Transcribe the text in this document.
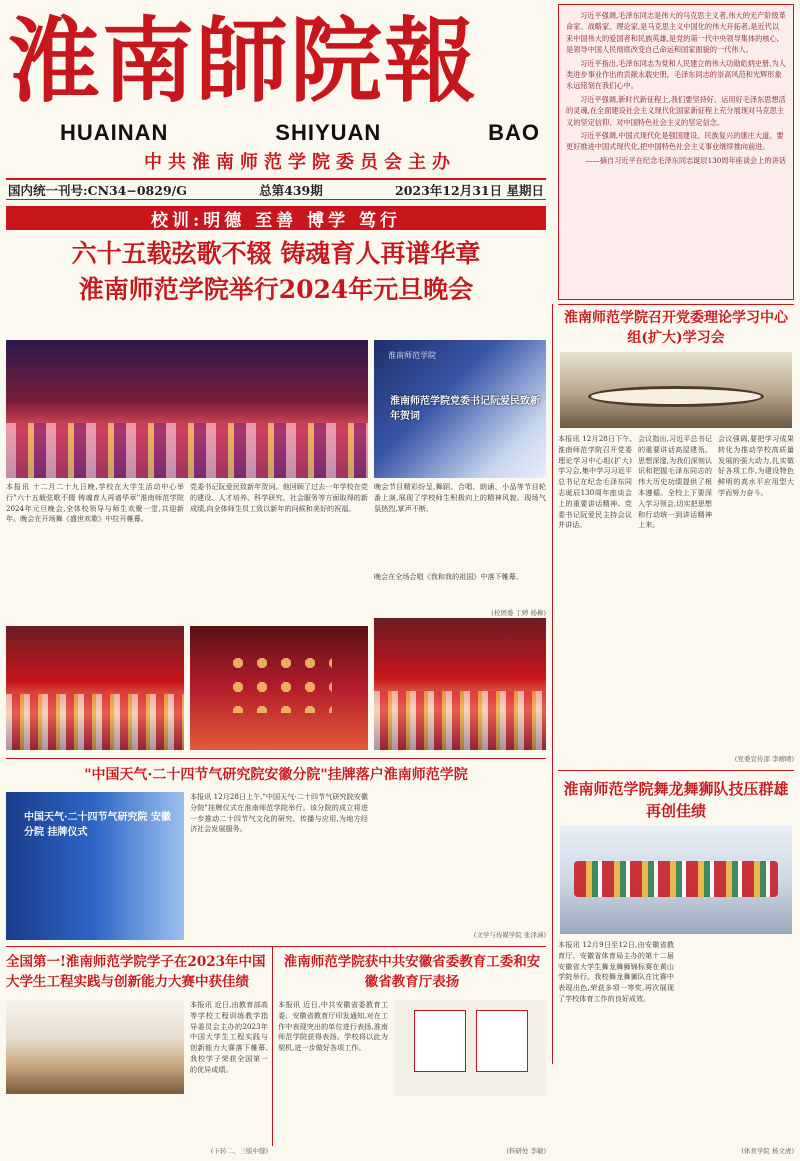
淮南師院報
HUAINAN	SHIYUAN	BAO
中共淮南师范学院委员会主办
国内统一刊号:CN34−0829/G	总第439期	2023年12月31日 星期日
校训: 明德 至善 博学 笃行

习近平强调,毛泽东同志是伟大的马克思主义者,伟大的无产阶级革命家、战略家、理论家,是马克思主义中国化的伟大开拓者,是近代以来中国伟大的爱国者和民族英雄,是党的第一代中央领导集体的核心,是领导中国人民彻底改变自己命运和国家面貌的一代伟人。

习近平指出,毛泽东同志为党和人民建立的伟大功勋彪炳史册,为人类进步事业作出的贡献永载史册。毛泽东同志的崇高风范和光辉形象永远铭刻在我们心中。

习近平强调,新时代新征程上,我们要坚持好、运用好毛泽东思想活的灵魂,在全面建设社会主义现代化国家新征程上充分展现对马克思主义的坚定信仰、对中国特色社会主义的坚定信念。

习近平强调,中国式现代化是强国建设、民族复兴的康庄大道。要更好推进中国式现代化,把中国特色社会主义事业继续推向前进。

——摘自习近平在纪念毛泽东同志诞辰130周年座谈会上的讲话
六十五载弦歌不辍 铸魂育人再谱华章
淮南师范学院举行2024年元旦晚会
淮南师范学院
淮南师范学院党委书记阮爱民致新年贺词
本报讯 十二月二十九日晚,学校在大学生活动中心举行"六十五载弦歌不辍 铸魂育人再谱华章"淮南师范学院2024年元旦晚会,全体校领导与师生欢聚一堂,共迎新年。晚会在开场舞《盛世欢歌》中拉开帷幕。
党委书记阮爱民致新年贺词。他回顾了过去一年学校在党的建设、人才培养、科学研究、社会服务等方面取得的新成绩,向全体师生员工致以新年的问候和美好的祝福。
晚会节目精彩纷呈,舞蹈、合唱、朗诵、小品等节目轮番上演,展现了学校师生积极向上的精神风貌。现场气氛热烈,掌声不断。
晚会在全场合唱《我和我的祖国》中落下帷幕。
(校团委 丁婷 杨柳)
淮南师范学院召开党委理论学习中心组(扩大)学习会
本报讯 12月28日下午,淮南师范学院召开党委理论学习中心组(扩大)学习会,集中学习习近平总书记在纪念毛泽东同志诞辰130周年座谈会上的重要讲话精神。党委书记阮爱民主持会议并讲话。
会议指出,习近平总书记的重要讲话高屋建瓴、思想深邃,为我们深刻认识和把握毛泽东同志的伟大历史功绩提供了根本遵循。全校上下要深入学习领会,切实把思想和行动统一到讲话精神上来。
会议强调,要把学习成果转化为推动学校高质量发展的强大动力,扎实做好各项工作,为建设特色鲜明的高水平应用型大学而努力奋斗。
(党委宣传部 李晴晴)
淮南师范学院舞龙舞狮队技压群雄再创佳绩
本报讯 12月9日至12日,由安徽省教育厅、安徽省体育局主办的第十二届安徽省大学生舞龙舞狮锦标赛在黄山学院举行。我校舞龙舞狮队在比赛中表现出色,荣获多项一等奖,再次展现了学校体育工作的良好成效。
(体育学院 杨文虎)
"中国天气·二十四节气研究院安徽分院"挂牌落户淮南师范学院
中国天气·二十四节气研究院 安徽分院 挂牌仪式
本报讯 12月28日上午,"中国天气·二十四节气研究院安徽分院"挂牌仪式在淮南师范学院举行。该分院的成立将进一步推动二十四节气文化的研究、传播与应用,为地方经济社会发展服务。
(文学与传媒学院 张泽涵)
全国第一!淮南师范学院学子在2023年中国大学生工程实践与创新能力大赛中获佳绩
本报讯 近日,由教育部高等学校工程训练教学指导委员会主办的2023年中国大学生工程实践与创新能力大赛落下帷幕,我校学子荣获全国第一的优异成绩。
(下转二、三版中缝)
淮南师范学院获中共安徽省委教育工委和安徽省教育厅表扬
本报讯 近日,中共安徽省委教育工委、安徽省教育厅印发通知,对在工作中表现突出的单位进行表扬,淮南师范学院获得表扬。学校将以此为契机,进一步做好各项工作。
(科研处 李敏)
